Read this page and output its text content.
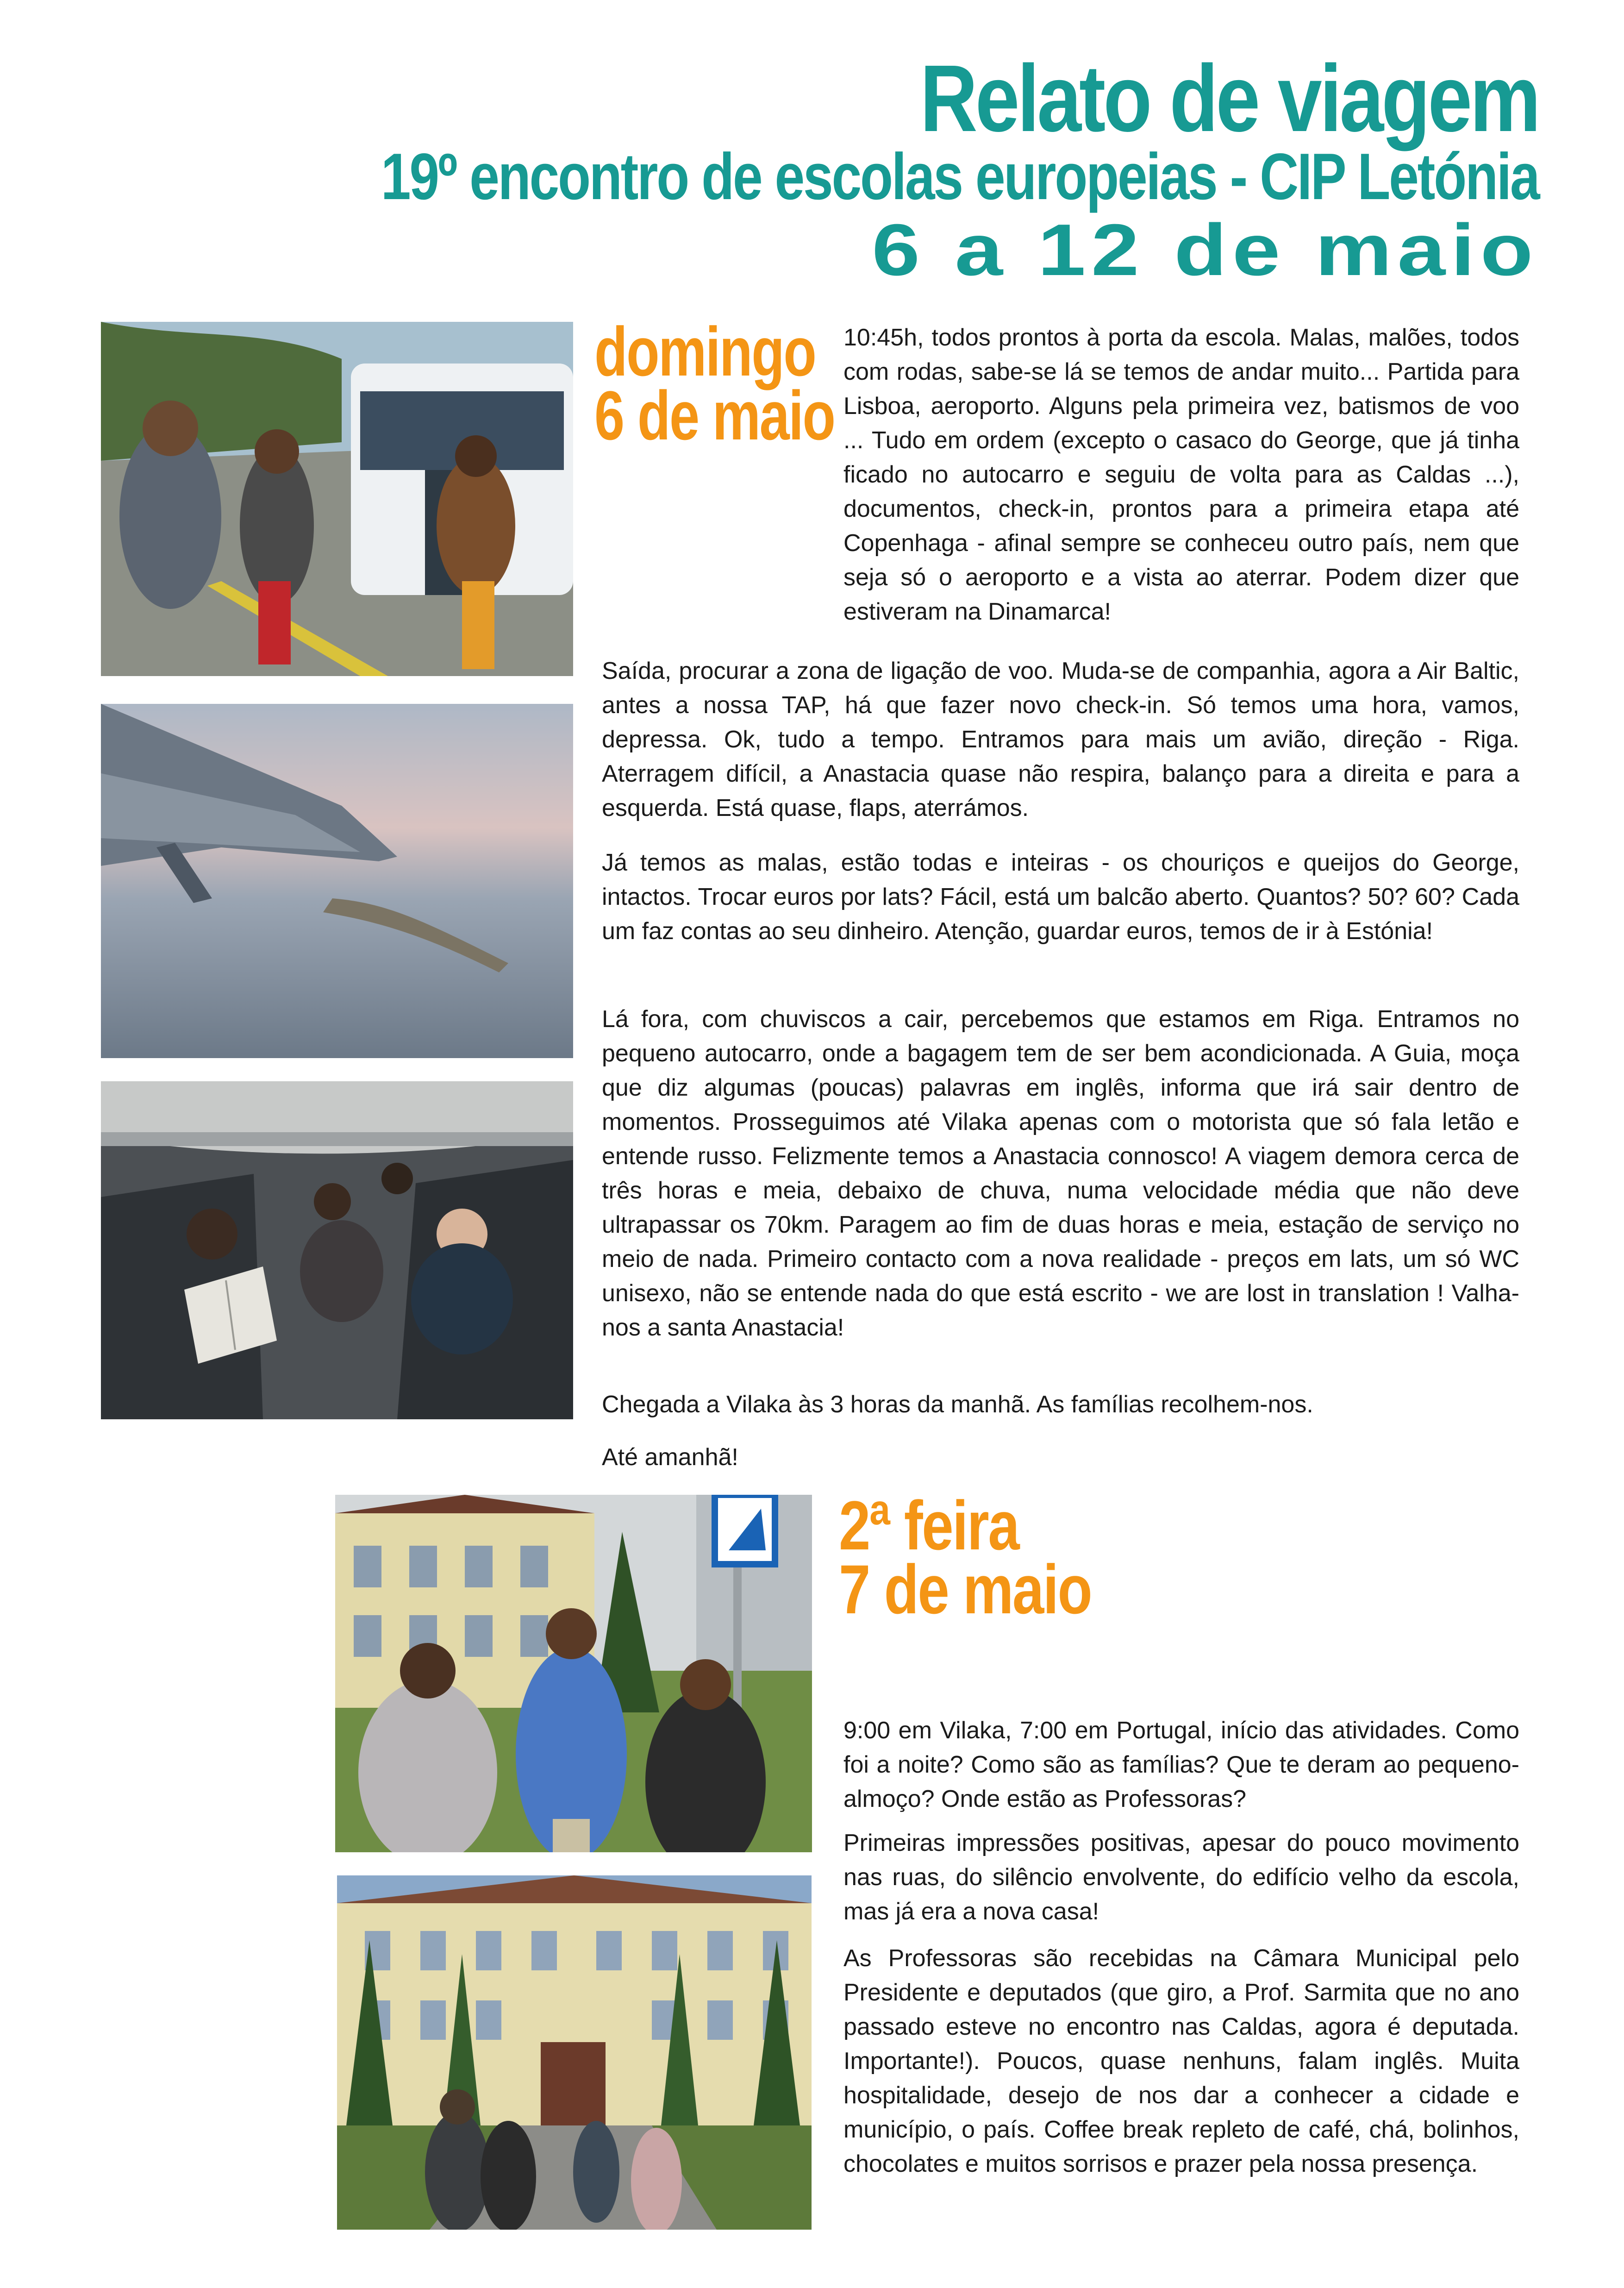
Relato de viagem
19º encontro de escolas europeias - CIP Letónia
6 a 12 de maio
domingo
6 de maio

10:45h, todos prontos à porta da escola. Malas, malões, todos com rodas, sabe-se lá se temos de andar muito... Partida para Lisboa, aeroporto. Alguns pela primeira vez, batismos de voo ... Tudo em ordem (excepto o casaco do George, que já tinha ficado no autocarro e seguiu de volta para as Caldas ...), documentos, check-in, prontos para a primeira etapa até Copenhaga - afinal sempre se conheceu outro país, nem que seja só o aeroporto e a vista ao aterrar. Podem dizer que estiveram na Dinamarca!

Saída, procurar a zona de ligação de voo. Muda-se de companhia, agora a Air Baltic, antes a nossa TAP, há que fazer novo check-in. Só temos uma hora, vamos, depressa. Ok, tudo a tempo. Entramos para mais um avião, direção - Riga. Aterragem difícil, a Anastacia quase não respira, balanço para a direita e para a esquerda. Está quase, flaps, aterrámos.

Já temos as malas, estão todas e inteiras - os chouriços e queijos do George, intactos. Trocar euros por lats? Fácil, está um balcão aberto. Quantos? 50? 60? Cada um faz contas ao seu dinheiro. Atenção, guardar euros, temos de ir à Estónia!

Lá fora, com chuviscos a cair, percebemos que estamos em Riga. Entramos no pequeno autocarro, onde a bagagem tem de ser bem acondicionada. A Guia, moça que diz algumas (poucas) palavras em inglês, informa que irá sair dentro de momentos. Prosseguimos até Vilaka apenas com o motorista que só fala letão e entende russo. Felizmente temos a Anastacia connosco! A viagem demora cerca de três horas e meia, debaixo de chuva, numa velocidade média que não deve ultrapassar os 70km. Paragem ao fim de duas horas e meia, estação de serviço no meio de nada. Primeiro contacto com a nova realidade - preços em lats, um só WC unisexo, não se entende nada do que está escrito - we are lost in translation ! Valha-nos a santa Anastacia!

Chegada a Vilaka às 3 horas da manhã. As famílias recolhem-nos.

Até amanhã!

2ª feira
7 de maio

9:00 em Vilaka, 7:00 em Portugal, início das atividades. Como foi a noite? Como são as famílias? Que te deram ao pequeno-almoço? Onde estão as Professoras?

Primeiras impressões positivas, apesar do pouco movimento nas ruas, do silêncio envolvente, do edifício velho da escola, mas já era a nova casa!

As Professoras são recebidas na Câmara Municipal pelo Presidente e deputados (que giro, a Prof. Sarmita que no ano passado esteve no encontro nas Caldas, agora é deputada. Importante!). Poucos, quase nenhuns, falam inglês. Muita hospitalidade, desejo de nos dar a conhecer a cidade e município, o país. Coffee break repleto de café, chá, bolinhos, chocolates e muitos sorrisos e prazer pela nossa presença.
